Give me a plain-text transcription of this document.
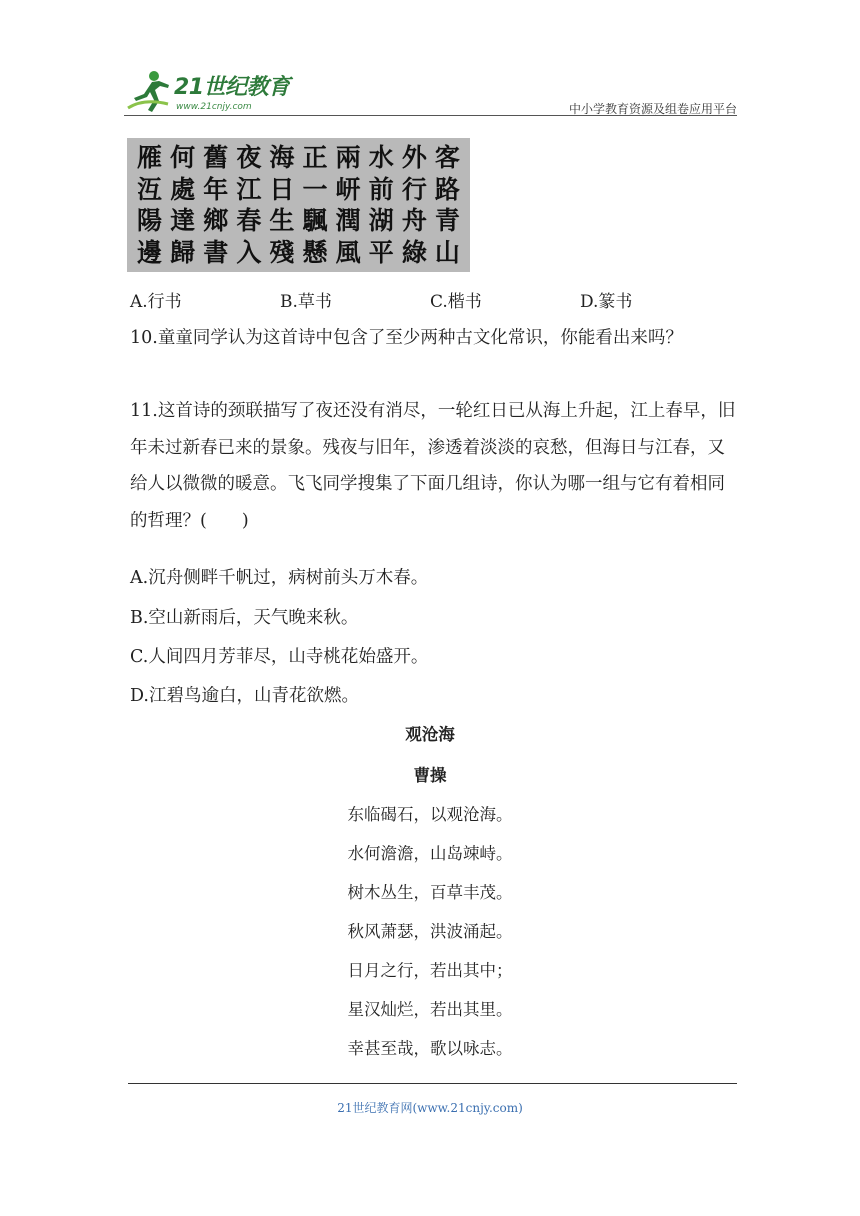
21世纪教育
www.21cnjy.com	中小学教育资源及组卷应用平台
雁 何 舊 夜 海 正 兩 水 外 客
沍 處 年 江 日 一 岍 前 行 路
陽 達 鄉 春 生 颿 潤 湖 舟 青
邊 歸 書 入 殘 懸 風 平 綠 山
A.行书	B.草书	C.楷书	D.篆书
10.童童同学认为这首诗中包含了至少两种古文化常识，你能看出来吗？
11.这首诗的颈联描写了夜还没有消尽，一轮红日已从海上升起，江上春早，旧年未过新春已来的景象。残夜与旧年，渗透着淡淡的哀愁，但海日与江春，又给人以微微的暖意。飞飞同学搜集了下面几组诗，你认为哪一组与它有着相同的哲理？(　　)
A.沉舟侧畔千帆过，病树前头万木春。
B.空山新雨后，天气晚来秋。
C.人间四月芳菲尽，山寺桃花始盛开。
D.江碧鸟逾白，山青花欲燃。
观沧海
曹操
东临碣石，以观沧海。
水何澹澹，山岛竦峙。
树木丛生，百草丰茂。
秋风萧瑟，洪波涌起。
日月之行，若出其中；
星汉灿烂，若出其里。
幸甚至哉，歌以咏志。
21世纪教育网(www.21cnjy.com)
